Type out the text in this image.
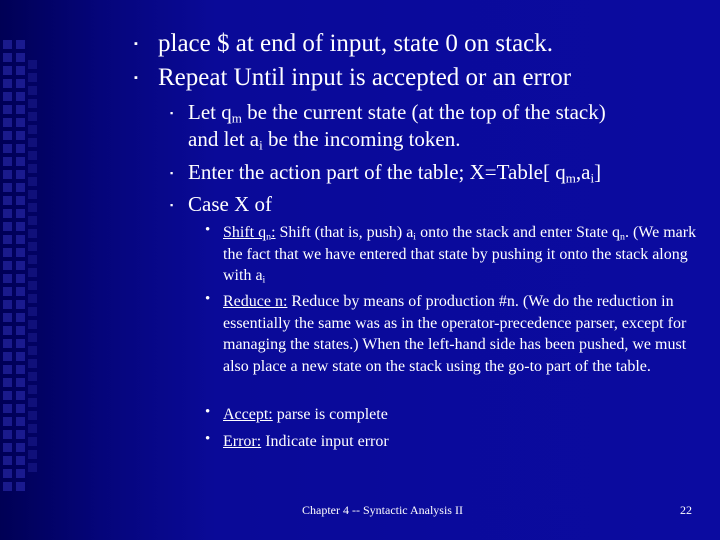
▪ place $ at end of input, state 0 on stack.
▪ Repeat Until input is accepted or an error
▪ Let $q_m$ be the current state (at the top of the stack)
and let $a_i$ be the incoming token.
▪ Enter the action part of the table; X=Table[ $q_m,a_i$]
▪ Case X of
• Shift $q_n$: Shift (that is, push) $a_i$ onto the stack and enter State $q_n$. (We mark the fact that we have entered that state by pushing it onto the stack along with $a_i$
• Reduce n: Reduce by means of production #n. (We do the reduction in essentially the same was as in the operator-precedence parser, except for managing the states.) When the left-hand side has been pushed, we must also place a new state on the stack using the go-to part of the table.
• Accept: parse is complete
• Error: Indicate input error
Chapter 4 -- Syntactic Analysis II	22
